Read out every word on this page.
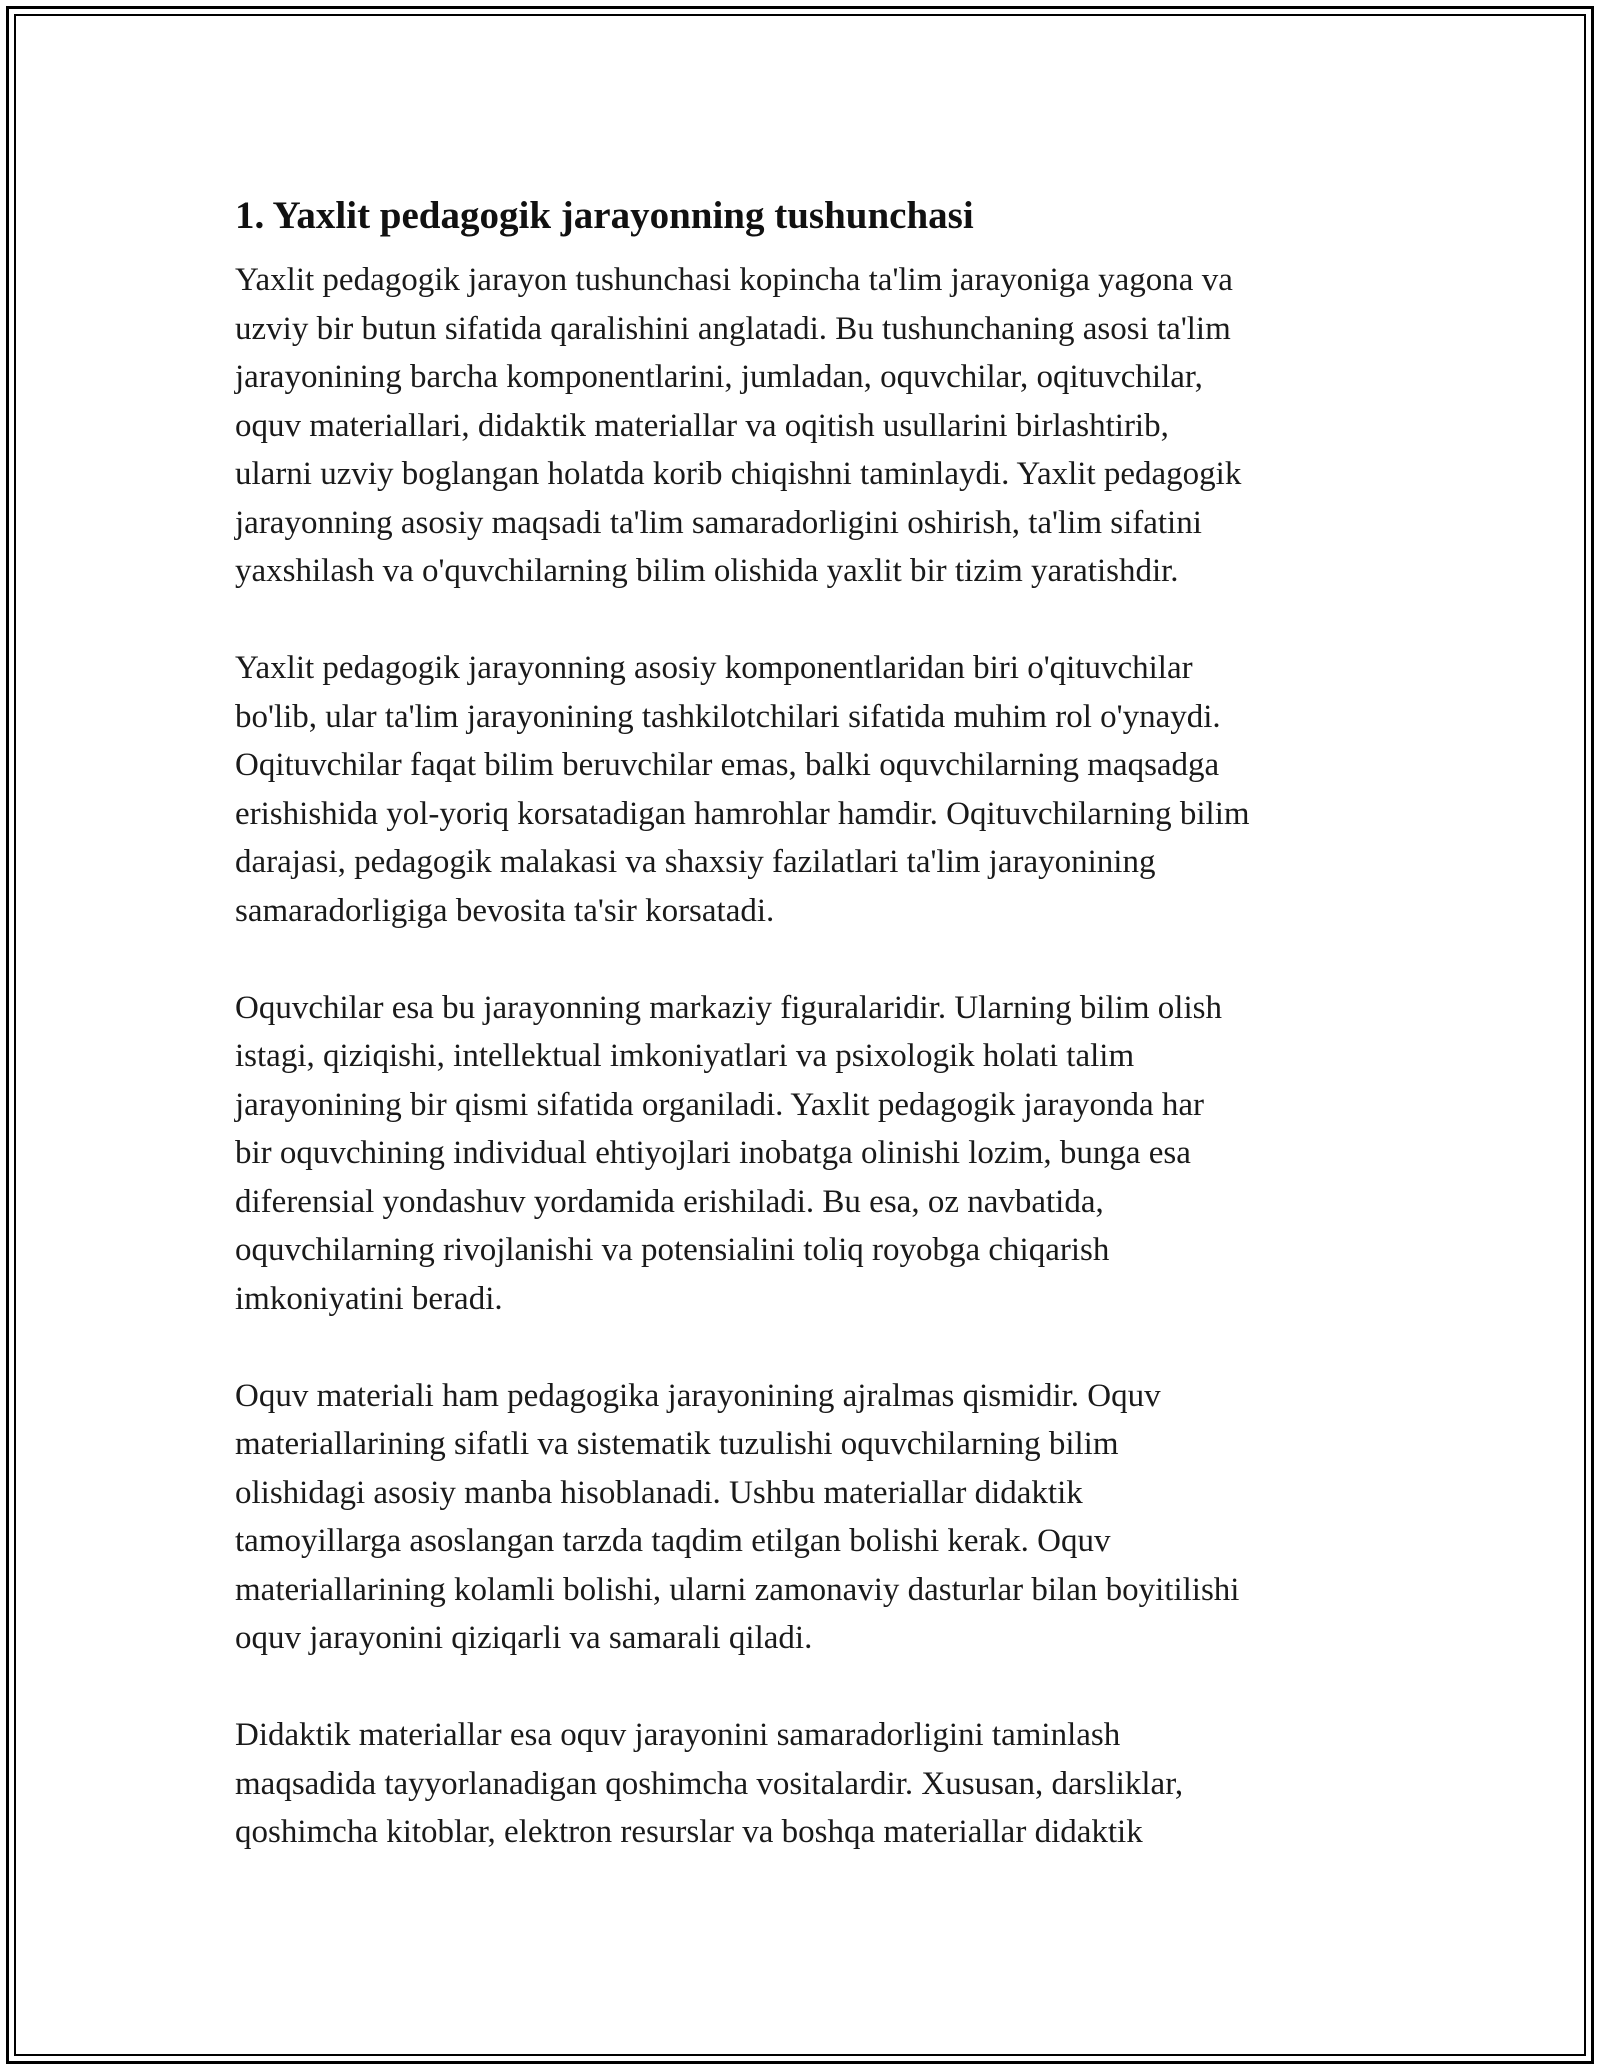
1. Yaxlit pedagogik jarayonning tushunchasi

Yaxlit pedagogik jarayon tushunchasi kopincha ta'lim jarayoniga yagona va
uzviy bir butun sifatida qaralishini anglatadi. Bu tushunchaning asosi ta'lim
jarayonining barcha komponentlarini, jumladan, oquvchilar, oqituvchilar,
oquv materiallari, didaktik materiallar va oqitish usullarini birlashtirib,
ularni uzviy boglangan holatda korib chiqishni taminlaydi. Yaxlit pedagogik
jarayonning asosiy maqsadi ta'lim samaradorligini oshirish, ta'lim sifatini
yaxshilash va o'quvchilarning bilim olishida yaxlit bir tizim yaratishdir.

Yaxlit pedagogik jarayonning asosiy komponentlaridan biri o'qituvchilar
bo'lib, ular ta'lim jarayonining tashkilotchilari sifatida muhim rol o'ynaydi.
Oqituvchilar faqat bilim beruvchilar emas, balki oquvchilarning maqsadga
erishishida yol-yoriq korsatadigan hamrohlar hamdir. Oqituvchilarning bilim
darajasi, pedagogik malakasi va shaxsiy fazilatlari ta'lim jarayonining
samaradorligiga bevosita ta'sir korsatadi.

Oquvchilar esa bu jarayonning markaziy figuralaridir. Ularning bilim olish
istagi, qiziqishi, intellektual imkoniyatlari va psixologik holati talim
jarayonining bir qismi sifatida organiladi. Yaxlit pedagogik jarayonda har
bir oquvchining individual ehtiyojlari inobatga olinishi lozim, bunga esa
diferensial yondashuv yordamida erishiladi. Bu esa, oz navbatida,
oquvchilarning rivojlanishi va potensialini toliq royobga chiqarish
imkoniyatini beradi.

Oquv materiali ham pedagogika jarayonining ajralmas qismidir. Oquv
materiallarining sifatli va sistematik tuzulishi oquvchilarning bilim
olishidagi asosiy manba hisoblanadi. Ushbu materiallar didaktik
tamoyillarga asoslangan tarzda taqdim etilgan bolishi kerak. Oquv
materiallarining kolamli bolishi, ularni zamonaviy dasturlar bilan boyitilishi
oquv jarayonini qiziqarli va samarali qiladi.

Didaktik materiallar esa oquv jarayonini samaradorligini taminlash
maqsadida tayyorlanadigan qoshimcha vositalardir. Xususan, darsliklar,
qoshimcha kitoblar, elektron resurslar va boshqa materiallar didaktik
